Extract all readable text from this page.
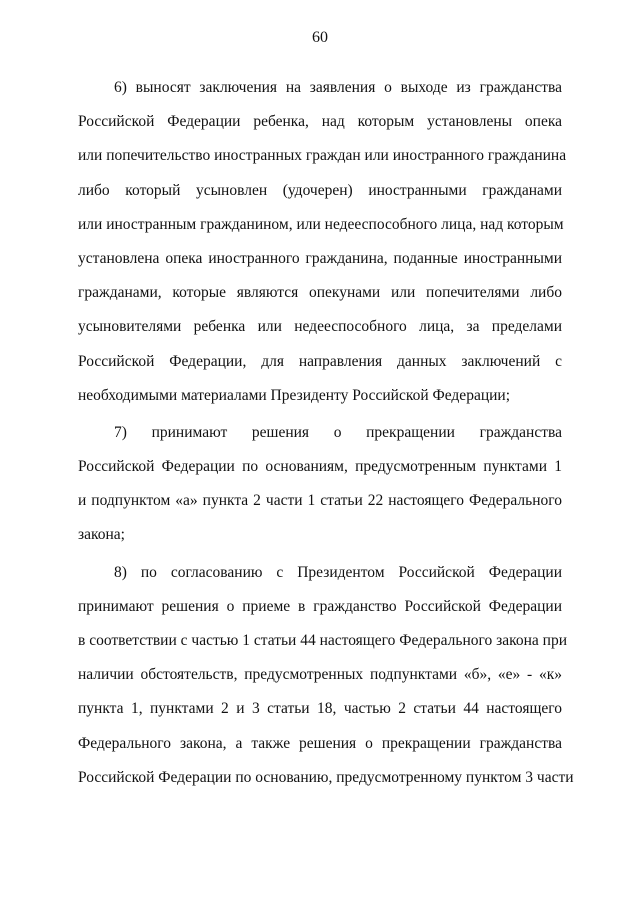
60

6) выносят заключения на заявления о выходе из гражданства
Российской Федерации ребенка, над которым установлены опека
или попечительство иностранных граждан или иностранного гражданина
либо который усыновлен (удочерен) иностранными гражданами
или иностранным гражданином, или недееспособного лица, над которым
установлена опека иностранного гражданина, поданные иностранными
гражданами, которые являются опекунами или попечителями либо
усыновителями ребенка или недееспособного лица, за пределами
Российской Федерации, для направления данных заключений с
необходимыми материалами Президенту Российской Федерации;

7) принимают решения о прекращении гражданства
Российской Федерации по основаниям, предусмотренным пунктами 1
и подпунктом «а» пункта 2 части 1 статьи 22 настоящего Федерального
закона;

8) по согласованию с Президентом Российской Федерации
принимают решения о приеме в гражданство Российской Федерации
в соответствии с частью 1 статьи 44 настоящего Федерального закона при
наличии обстоятельств, предусмотренных подпунктами «б», «е» - «к»
пункта 1, пунктами 2 и 3 статьи 18, частью 2 статьи 44 настоящего
Федерального закона, а также решения о прекращении гражданства
Российской Федерации по основанию, предусмотренному пунктом 3 части
